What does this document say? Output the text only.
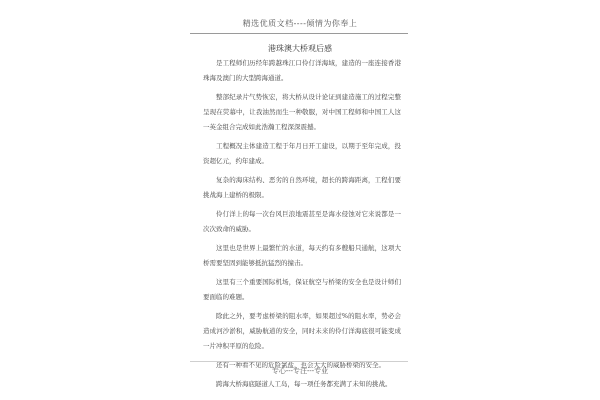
精选优质文档----倾情为你奉上
港珠澳大桥观后感

是工程师们历经年跨越珠江口伶仃洋海域，建造的一座连接香港珠海及澳门的大型跨海通道。

整部纪录片气势恢宏，将大桥从设计论证到建造施工的过程完整呈现在荧幕中，让我油然而生一种敬服，对中国工程师和中国工人这一英金组合完成如此浩瀚工程深深震撼。

工程概况主体建造工程于年月日开工建设，以期于至年完成，投资超亿元，约年建成。

复杂的海床结构、恶劣的自然环境，超长的跨海距离，工程们要挑战海上建桥的极限。

伶仃洋上的每一次台风巨浪地震甚至是海水侵蚀对它来说都是一次次致命的威胁。

这里也是世界上最繁忙的水道，每天约有多艘船只通航，这项大桥需要坚固到能够抵抗猛烈的撞击。

这里有三个重要国际机场，保证航空与桥梁的安全也是设计师们要面临的难题。

除此之外，要考虑桥梁的阻水率，如果超过%的阻水率，势必会造成河沙淤积，威胁航道的安全，同时未来的伶仃洋海底很可能变成一片冲积平原的危险。

还有一种看不见的危险氯盐，也会大大的威胁桥梁的安全。

跨海大桥海底隧道人工岛，每一项任务都充满了未知的挑战。

专心---专注---专业
